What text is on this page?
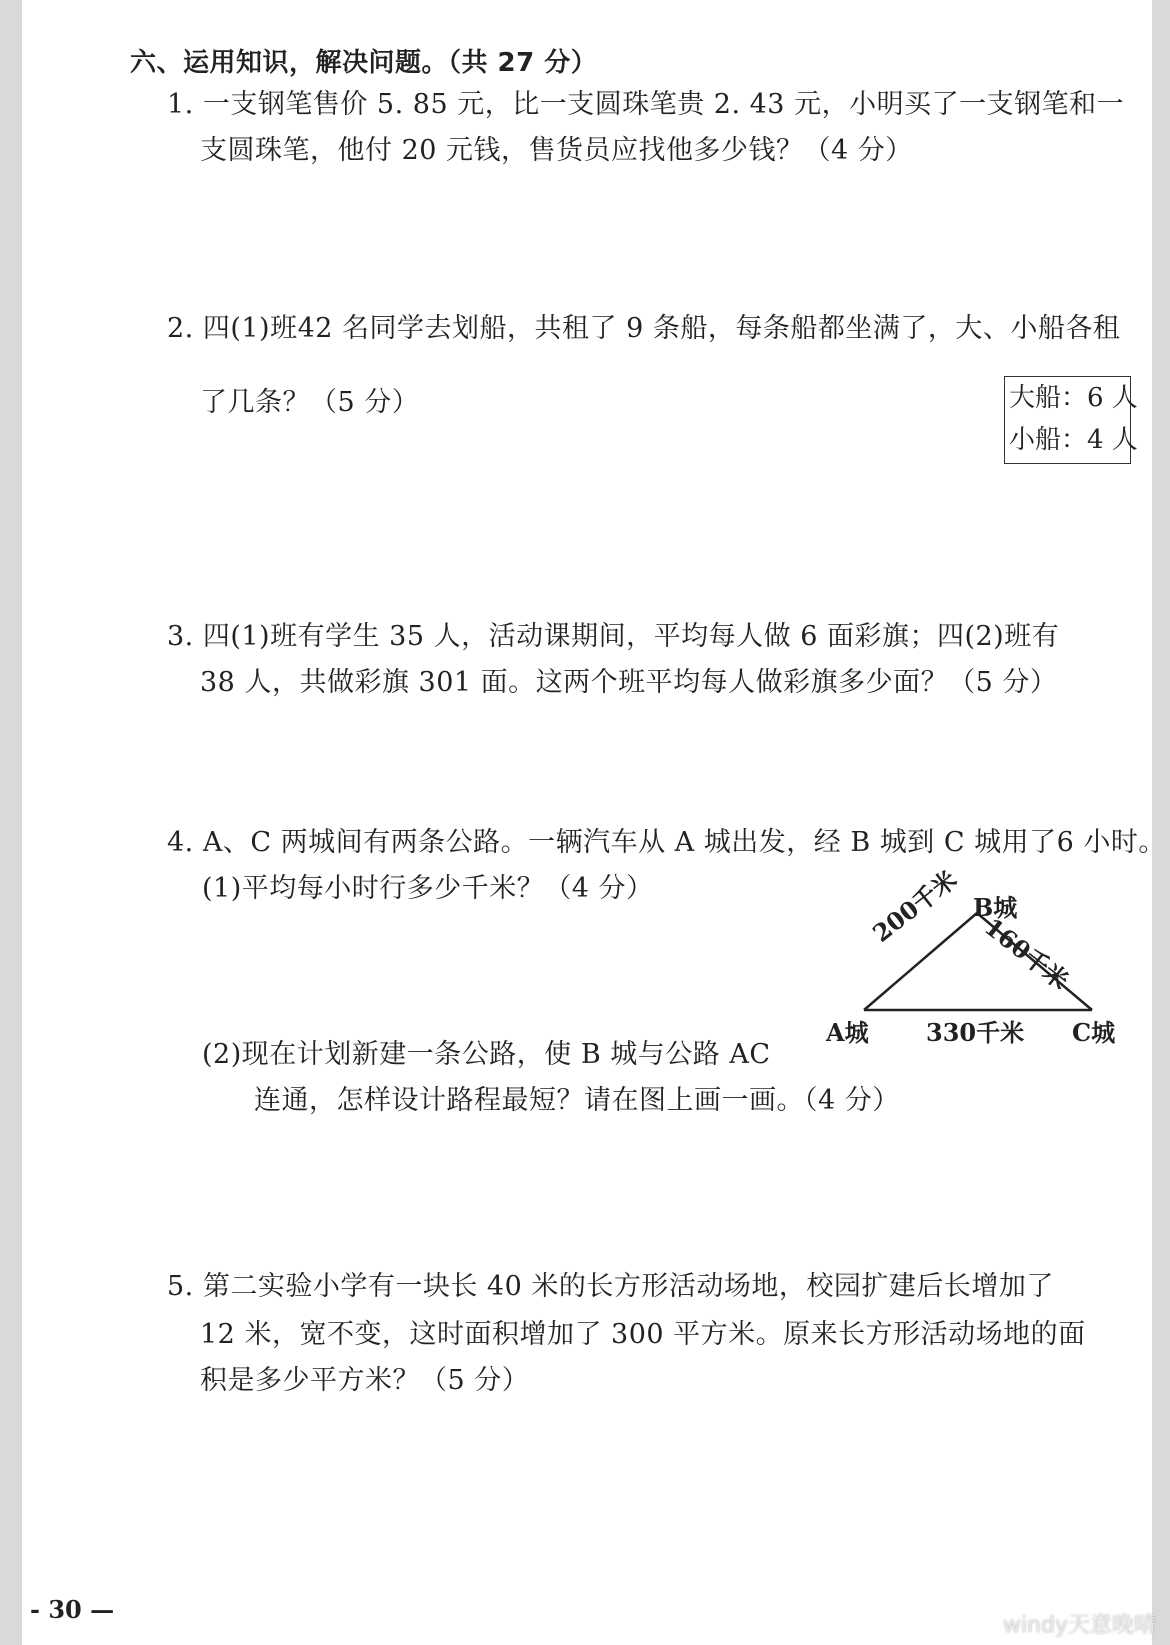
六、运用知识，解决问题。（共 27 分）
1. 一支钢笔售价 5. 85 元，比一支圆珠笔贵 2. 43 元，小明买了一支钢笔和一
支圆珠笔，他付 20 元钱，售货员应找他多少钱？（4 分）
2. 四(1)班42 名同学去划船，共租了 9 条船，每条船都坐满了，大、小船各租
了几条？（5 分）	大船：6 人
小船：4 人
3. 四(1)班有学生 35 人，活动课期间，平均每人做 6 面彩旗；四(2)班有
38 人，共做彩旗 301 面。这两个班平均每人做彩旗多少面？（5 分）
4. A、C 两城间有两条公路。一辆汽车从 A 城出发，经 B 城到 C 城用了6 小时。
(1)平均每小时行多少千米？（4 分）
(2)现在计划新建一条公路，使 B 城与公路 AC
连通，怎样设计路程最短？请在图上画一画。（4 分）
B城
200千米
160千米
A城 330千米 C城
5. 第二实验小学有一块长 40 米的长方形活动场地，校园扩建后长增加了
12 米，宽不变，这时面积增加了 300 平方米。原来长方形活动场地的面
积是多少平方米？（5 分）
- 30 —
windy天意晚晴
